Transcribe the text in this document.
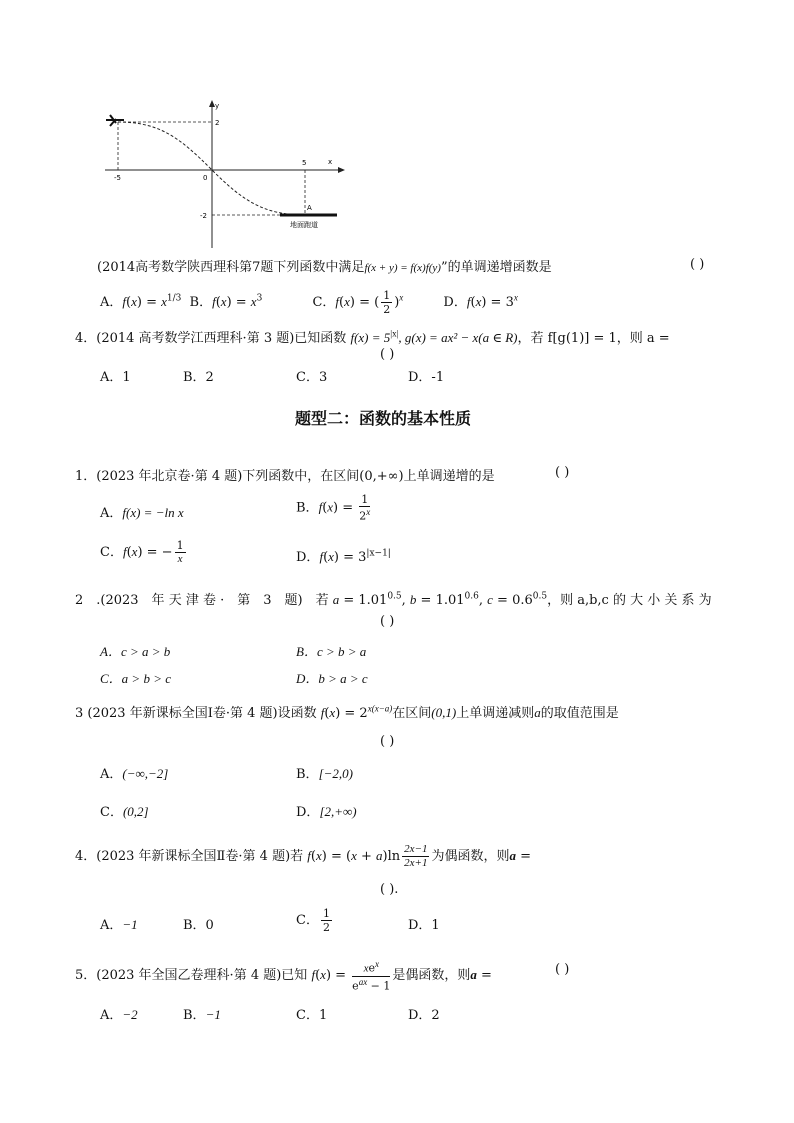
y
x
2
-2
0
-5
5
A
地面跑道
(2014高考数学陕西理科第7题下列函数中满足f(x + y) = f(x)f(y)”的单调递增函数是	( )
A．$f(x) = x^{1/3}$ B．$f(x) = x^3$	C．f(x) = ( $\frac{1}{2} )^x$	D．$f(x) = 3^x$
4．(2014 高考数学江西理科·第 3 题)已知函数 $f(x) = 5^{|x|}$, g(x) = ax² − x(a ∈ R)，若 f[g(1)] = 1，则 a =
( )
A．1	B．2	C．3	D．-1
题型二：函数的基本性质
1．(2023 年北京卷·第 4 题)下列函数中，在区间(0,+∞)上单调递增的是	( )
A．f(x) = −ln x	B．$f(x) = \frac{1}{2^x}$
C．f(x) = − $\frac{1}{x}$	D．$f(x) = 3^{|x-1|}$
2　.(2023　年 天 津 卷 ·　第　3　题)　若 $a = 1.01^{0.5}$, $b = 1.01^{0.6}$, $c = 0.6^{0.5}$，则 a,b,c 的 大 小 关 系 为
( )
A．c > a > b	B．c > b > a
C．a > b > c	D．b > a > c
3 (2023 年新课标全国Ⅰ卷·第 4 题)设函数 $f(x) = 2^{x(x-a)}$在区间(0,1)上单调递减则a的取值范围是
( )
A．(−∞,−2]	B．[−2,0)
C．(0,2]	D．[2,+∞)
4．(2023 年新课标全国Ⅱ卷·第 4 题)若 $f(x) = (x + a)\ln \frac{2x-1}{2x+1}$ 为偶函数，则a =
( ).
A．−1	B．0	C． $\frac{1}{2}$	D．1
5．(2023 年全国乙卷理科·第 4 题)已知 $f(x) = \frac{xe^x}{e^{ax} - 1}$ 是偶函数，则a =	( )
A．−2	B．−1	C．1	D．2
